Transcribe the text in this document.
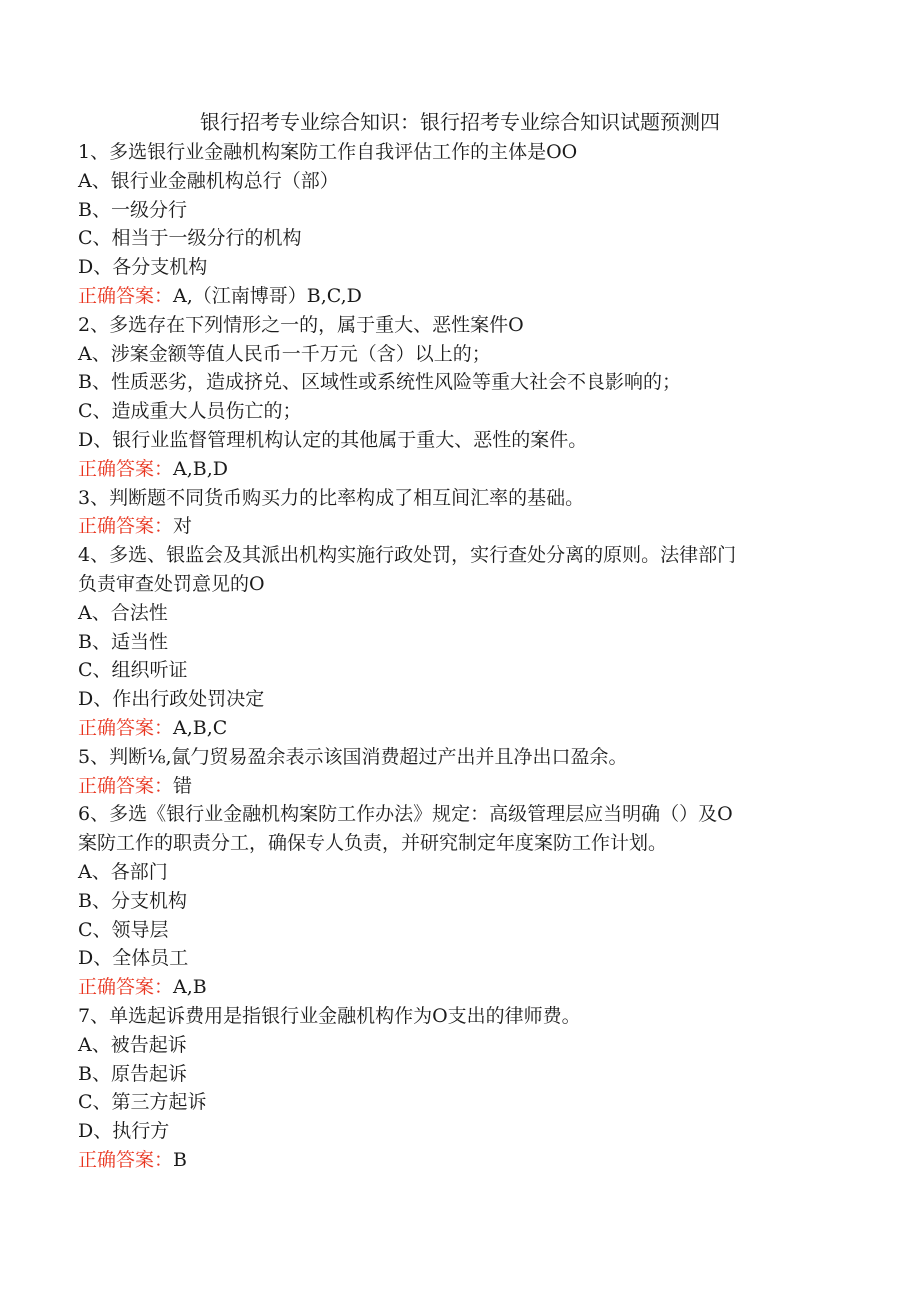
银行招考专业综合知识：银行招考专业综合知识试题预测四
1、多选银行业金融机构案防工作自我评估工作的主体是OO
A、银行业金融机构总行（部）
B、一级分行
C、相当于一级分行的机构
D、各分支机构
正确答案：A,（江南博哥）B,C,D
2、多选存在下列情形之一的，属于重大、恶性案件O
A、涉案金额等值人民币一千万元（含）以上的；
B、性质恶劣，造成挤兑、区域性或系统性风险等重大社会不良影响的；
C、造成重大人员伤亡的；
D、银行业监督管理机构认定的其他属于重大、恶性的案件。
正确答案：A,B,D
3、判断题不同货币购买力的比率构成了相互间汇率的基础。
正确答案：对
4、多选、银监会及其派出机构实施行政处罚，实行查处分离的原则。法律部门
负责审查处罚意见的O
A、合法性
B、适当性
C、组织听证
D、作出行政处罚决定
正确答案：A,B,C
5、判断⅛,氤勹贸易盈余表示该国消费超过产出并且净出口盈余。
正确答案：错
6、多选《银行业金融机构案防工作办法》规定：高级管理层应当明确（）及O
案防工作的职责分工，确保专人负责，并研究制定年度案防工作计划。
A、各部门
B、分支机构
C、领导层
D、全体员工
正确答案：A,B
7、单选起诉费用是指银行业金融机构作为O支出的律师费。
A、被告起诉
B、原告起诉
C、第三方起诉
D、执行方
正确答案：B
